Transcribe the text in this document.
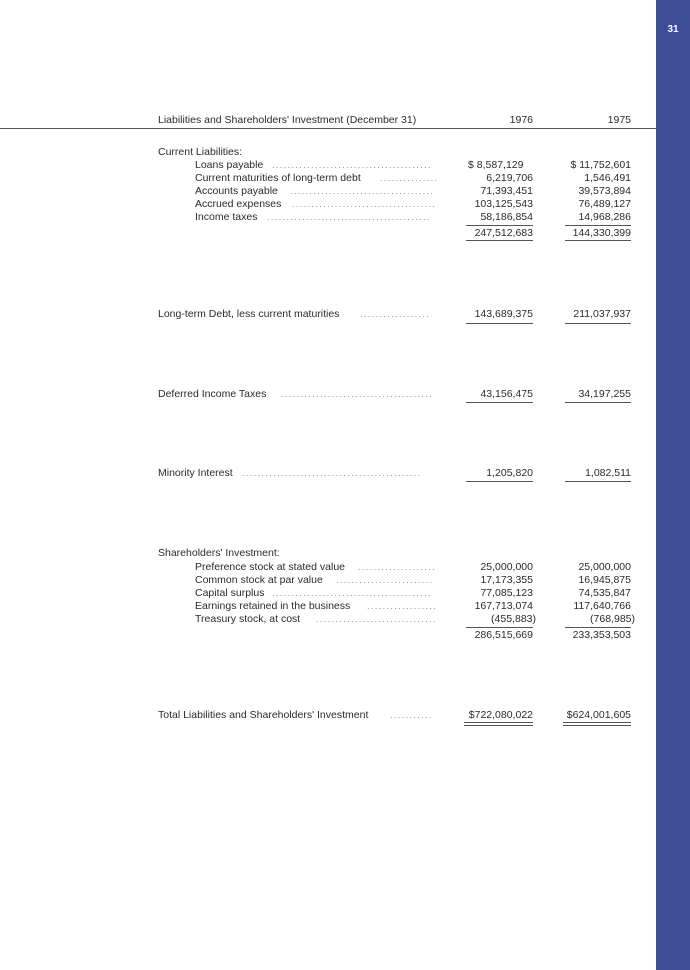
31
Liabilities and Shareholders' Investment (December 31)	1976	1975
Current Liabilities:
Loans payable .........................................	$ 8,587,129	$ 11,752,601
Current maturities of long-term debt ...............	6,219,706	1,546,491
Accounts payable .....................................	71,393,451	39,573,894
Accrued expenses .....................................	103,125,543	76,489,127
Income taxes ..........................................	58,186,854	14,968,286
247,512,683	144,330,399
Long-term Debt, less current maturities ..................	143,689,375	211,037,937
Deferred Income Taxes .......................................	43,156,475	34,197,255
Minority Interest ..............................................	1,205,820	1,082,511
Shareholders' Investment:
Preference stock at stated value ....................	25,000,000	25,000,000
Common stock at par value .........................	17,173,355	16,945,875
Capital surplus .........................................	77,085,123	74,535,847
Earnings retained in the business ..................	167,713,074	117,640,766
Treasury stock, at cost ...............................	(455,883)	(768,985)
286,515,669	233,353,503
Total Liabilities and Shareholders' Investment ...........	$722,080,022	$624,001,605
